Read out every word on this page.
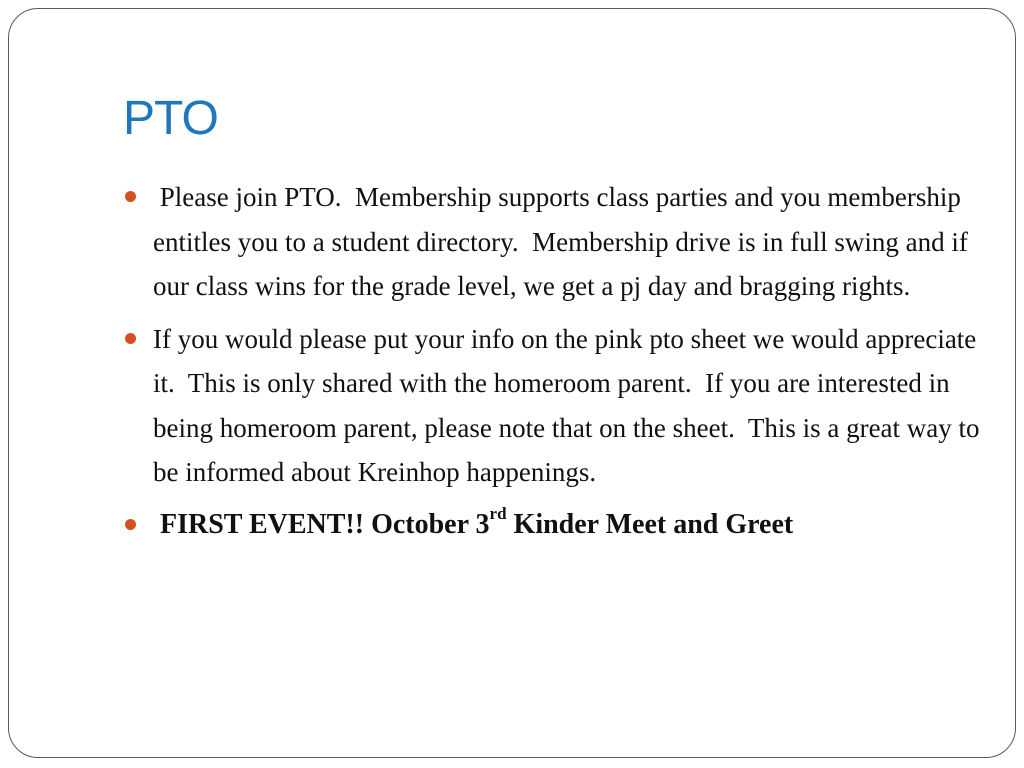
PTO
Please join PTO.  Membership supports class parties and you membership entitles you to a student directory.  Membership drive is in full swing and if our class wins for the grade level, we get a pj day and bragging rights.
If you would please put your info on the pink pto sheet we would appreciate it.  This is only shared with the homeroom parent.  If you are interested in being homeroom parent, please note that on the sheet.  This is a great way to be informed about Kreinhop happenings.
FIRST EVENT!! October 3rd Kinder Meet and Greet
